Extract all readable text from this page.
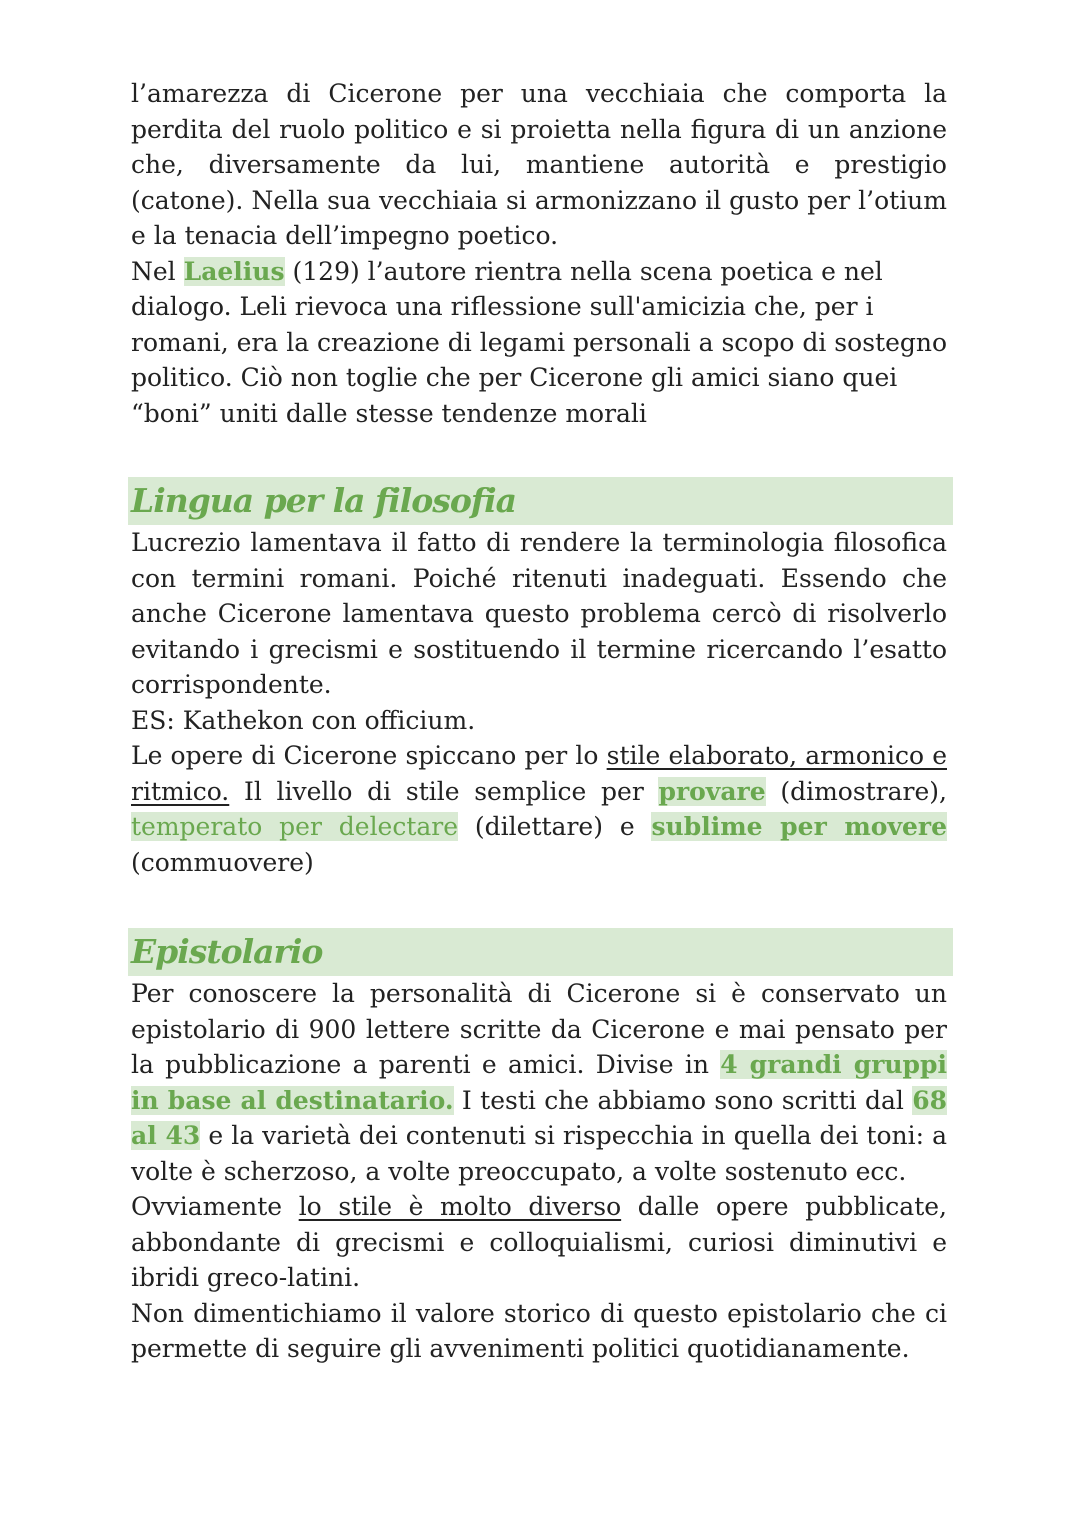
l’amarezza di Cicerone per una vecchiaia che comporta la perdita del ruolo politico e si proietta nella figura di un anzione che, diversamente da lui, mantiene autorità e prestigio (catone). Nella sua vecchiaia si armonizzano il gusto per l’otium e la tenacia dell’impegno poetico.

Nel Laelius (129) l’autore rientra nella scena poetica e nel dialogo. Leli rievoca una riflessione sull'amicizia che, per i romani, era la creazione di legami personali a scopo di sostegno politico. Ciò non toglie che per Cicerone gli amici siano quei “boni” uniti dalle stesse tendenze morali

Lingua per la filosofia

Lucrezio lamentava il fatto di rendere la terminologia filosofica con termini romani. Poiché ritenuti inadeguati. Essendo che anche Cicerone lamentava questo problema cercò di risolverlo evitando i grecismi e sostituendo il termine ricercando l’esatto corrispondente.

ES: Kathekon con officium.

Le opere di Cicerone spiccano per lo stile elaborato, armonico e ritmico. Il livello di stile semplice per provare (dimostrare), temperato per delectare (dilettare) e sublime per movere (commuovere)

Epistolario

Per conoscere la personalità di Cicerone si è conservato un epistolario di 900 lettere scritte da Cicerone e mai pensato per la pubblicazione a parenti e amici. Divise in 4 grandi gruppi in base al destinatario. I testi che abbiamo sono scritti dal 68 al 43 e la varietà dei contenuti si rispecchia in quella dei toni: a volte è scherzoso, a volte preoccupato, a volte sostenuto ecc.

Ovviamente lo stile è molto diverso dalle opere pubblicate, abbondante di grecismi e colloquialismi, curiosi diminutivi e ibridi greco-latini.

Non dimentichiamo il valore storico di questo epistolario che ci permette di seguire gli avvenimenti politici quotidianamente.
